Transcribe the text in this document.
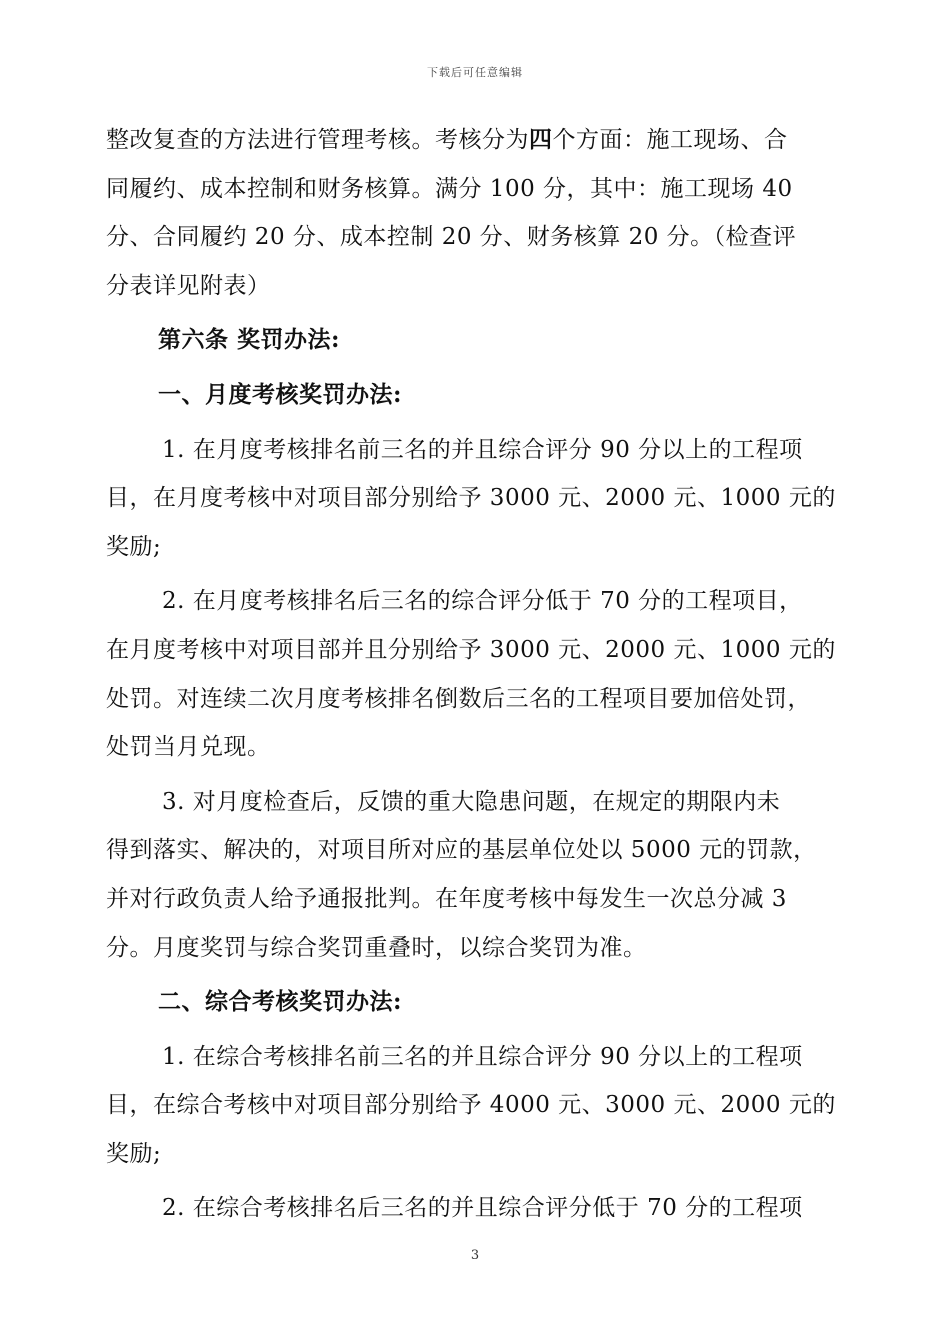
下载后可任意编辑
整改复查的方法进行管理考核。考核分为四个方面：施工现场、合
同履约、成本控制和财务核算。满分 100 分，其中：施工现场 40
分、合同履约 20 分、成本控制 20 分、财务核算 20 分。（检查评
分表详见附表）
第六条 奖罚办法:
一、月度考核奖罚办法:
1. 在月度考核排名前三名的并且综合评分 90 分以上的工程项
目，在月度考核中对项目部分别给予 3000 元、2000 元、1000 元的
奖励;
2. 在月度考核排名后三名的综合评分低于 70 分的工程项目，
在月度考核中对项目部并且分别给予 3000 元、2000 元、1000 元的
处罚。对连续二次月度考核排名倒数后三名的工程项目要加倍处罚，
处罚当月兑现。
3. 对月度检查后，反馈的重大隐患问题，在规定的期限内未
得到落实、解决的，对项目所对应的基层单位处以 5000 元的罚款，
并对行政负责人给予通报批判。在年度考核中每发生一次总分减 3
分。月度奖罚与综合奖罚重叠时，以综合奖罚为准。
二、综合考核奖罚办法:
1. 在综合考核排名前三名的并且综合评分 90 分以上的工程项
目，在综合考核中对项目部分别给予 4000 元、3000 元、2000 元的
奖励;
2. 在综合考核排名后三名的并且综合评分低于 70 分的工程项
3
